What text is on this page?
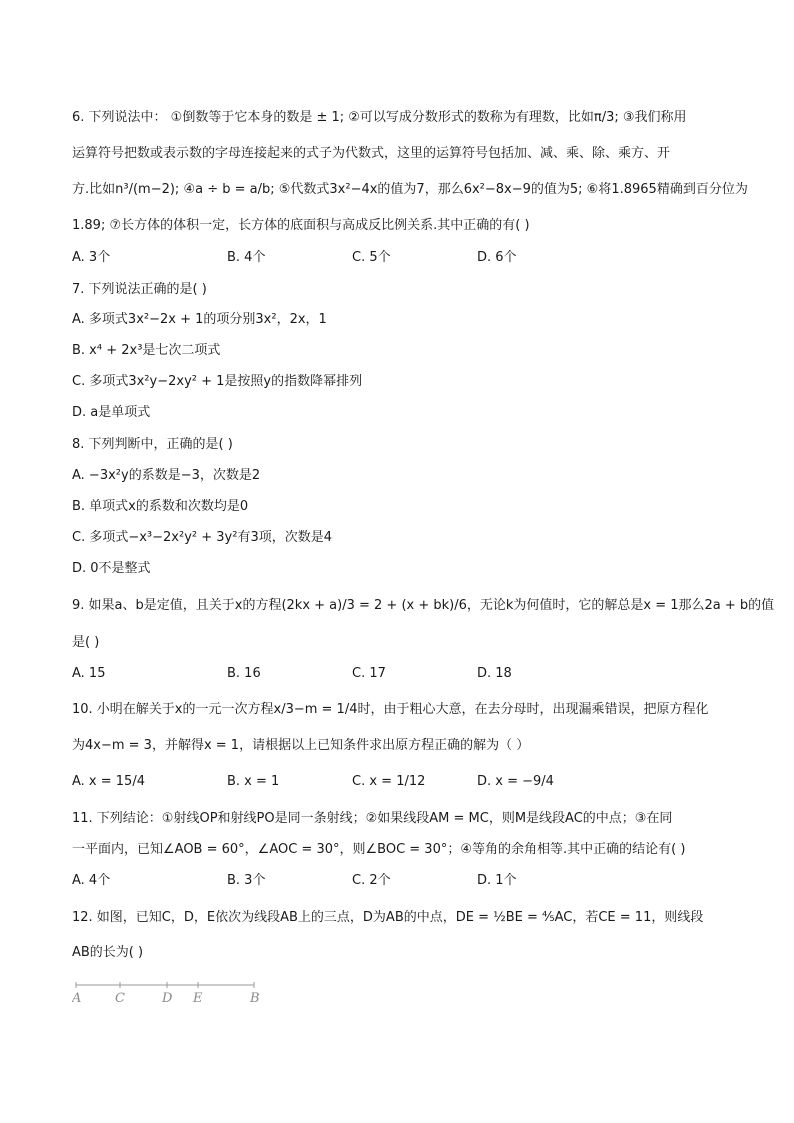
6. 下列说法中： ①倒数等于它本身的数是 ± 1; ②可以写成分数形式的数称为有理数，比如π/3; ③我们称用
运算符号把数或表示数的字母连接起来的式子为代数式，这里的运算符号包括加、减、乘、除、乘方、开
方.比如n³/(m−2); ④a ÷ b = a/b; ⑤代数式3x²−4x的值为7，那么6x²−8x−9的值为5; ⑥将1.8965精确到百分位为
1.89; ⑦长方体的体积一定，长方体的底面积与高成反比例关系.其中正确的有( )
A. 3个	B. 4个	C. 5个	D. 6个
7. 下列说法正确的是( )
A. 多项式3x²−2x + 1的项分别3x²，2x，1
B. x⁴ + 2x³是七次二项式
C. 多项式3x²y−2xy² + 1是按照y的指数降幂排列
D. a是单项式
8. 下列判断中，正确的是( )
A. −3x²y的系数是−3，次数是2
B. 单项式x的系数和次数均是0
C. 多项式−x³−2x²y² + 3y²有3项，次数是4
D. 0不是整式
9. 如果a、b是定值，且关于x的方程(2kx + a)/3 = 2 + (x + bk)/6，无论k为何值时，它的解总是x = 1那么2a + b的值
是( )
A. 15	B. 16	C. 17	D. 18
10. 小明在解关于x的一元一次方程x/3−m = 1/4时，由于粗心大意，在去分母时，出现漏乘错误，把原方程化
为4x−m = 3，并解得x = 1，请根据以上已知条件求出原方程正确的解为（ ）
A. x = 15/4	B. x = 1	C. x = 1/12	D. x = −9/4
11. 下列结论：①射线OP和射线PO是同一条射线；②如果线段AM = MC，则M是线段AC的中点；③在同
一平面内，已知∠AOB = 60°，∠AOC = 30°，则∠BOC = 30°；④等角的余角相等.其中正确的结论有( )
A. 4个	B. 3个	C. 2个	D. 1个
12. 如图，已知C，D，E依次为线段AB上的三点，D为AB的中点，DE = ½BE = ⅘AC，若CE = 11，则线段
AB的长为( )
A	C	D E	B
